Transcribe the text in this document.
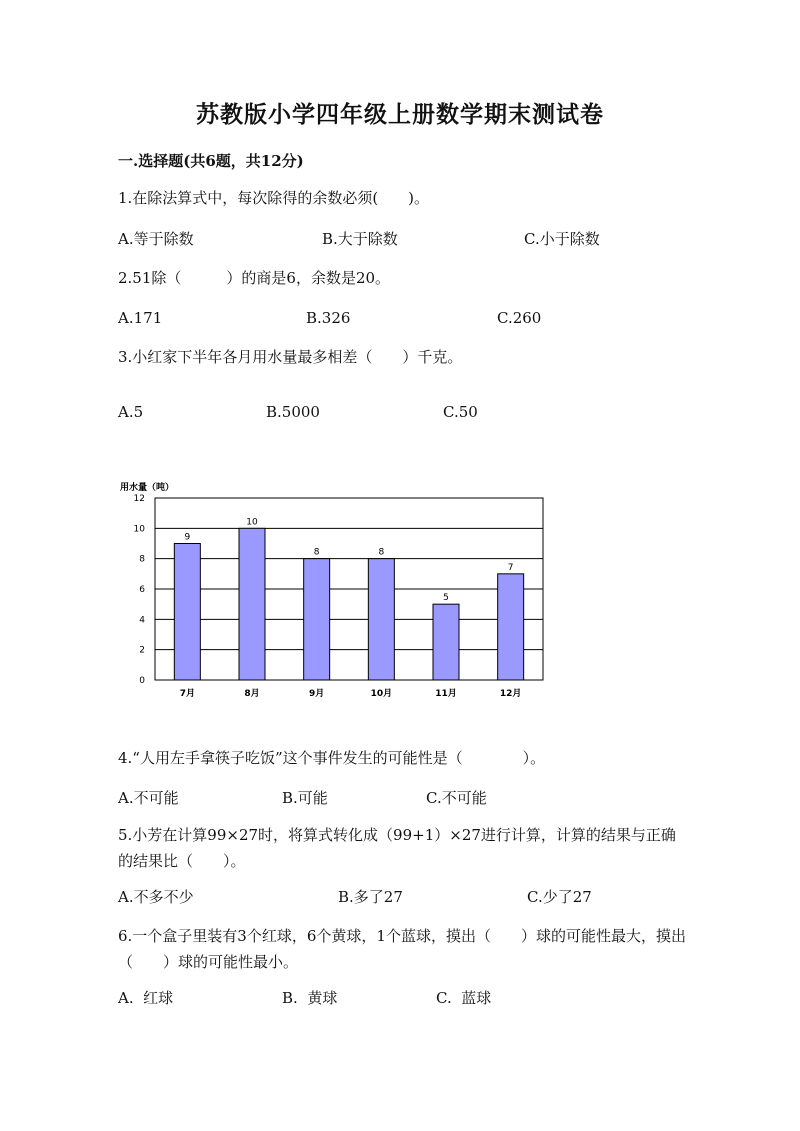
苏教版小学四年级上册数学期末测试卷
一.选择题(共6题，共12分)
1.在除法算式中，每次除得的余数必须(　　)。
A.等于除数	B.大于除数	C.小于除数
2.51除（　　　）的商是6，余数是20。
A.171	B.326	C.260
3.小红家下半年各月用水量最多相差（　　）千克。
A.5	B.5000	C.50
用水量（吨）
0
2
4
6
8
10
12
9
7月
10
8月
8
9月
8
10月
5
11月
7
12月
4.“人用左手拿筷子吃饭”这个事件发生的可能性是（　　　　）。
A.不可能	B.可能	C.不可能
5.小芳在计算99×27时，将算式转化成（99+1）×27进行计算，计算的结果与正确的结果比（　　）。
A.不多不少	B.多了27	C.少了27
6.一个盒子里装有3个红球，6个黄球，1个蓝球，摸出（　　）球的可能性最大，摸出（　　）球的可能性最小。
A.  红球	B.  黄球	C.  蓝球
